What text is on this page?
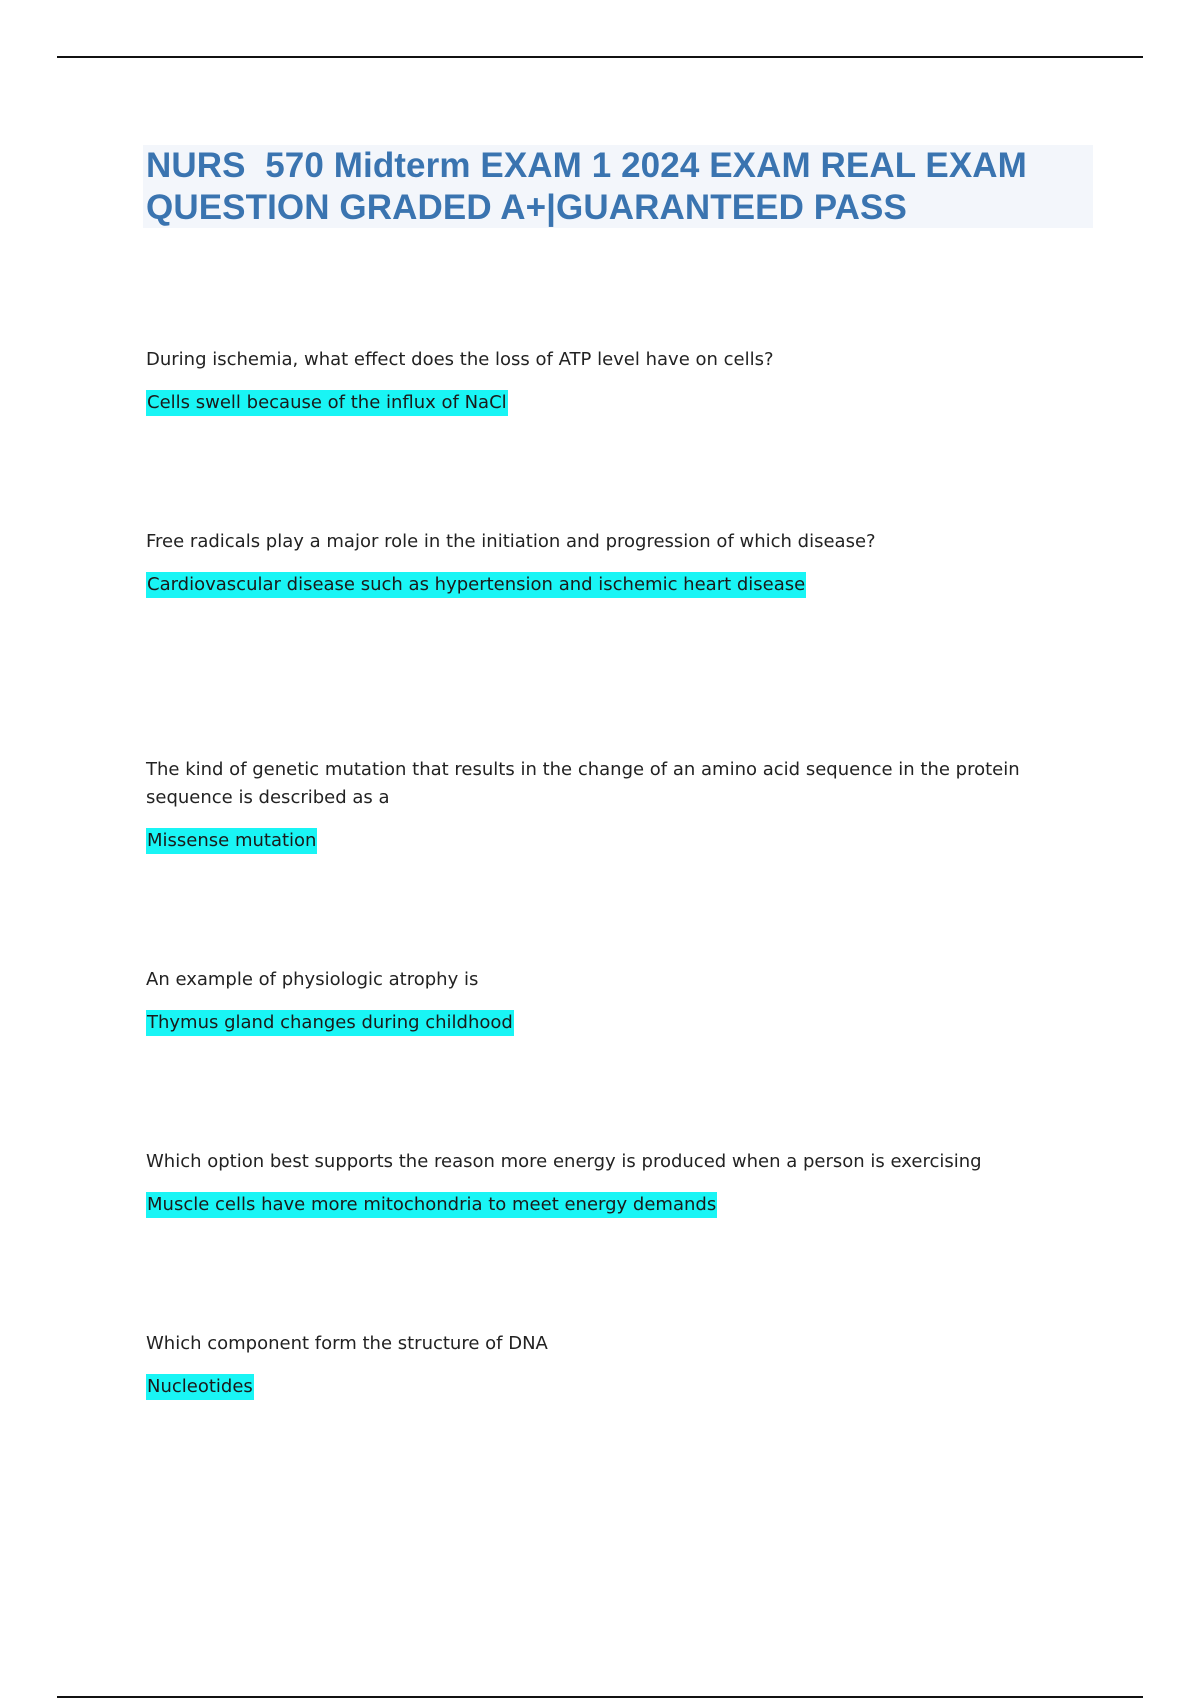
NURS  570 Midterm EXAM 1 2024 EXAM REAL EXAM QUESTION GRADED A+|GUARANTEED PASS

During ischemia, what effect does the loss of ATP level have on cells?

Cells swell because of the influx of NaCl

Free radicals play a major role in the initiation and progression of which disease?

Cardiovascular disease such as hypertension and ischemic heart disease

The kind of genetic mutation that results in the change of an amino acid sequence in the protein sequence is described as a

Missense mutation

An example of physiologic atrophy is

Thymus gland changes during childhood

Which option best supports the reason more energy is produced when a person is exercising

Muscle cells have more mitochondria to meet energy demands

Which component form the structure of DNA

Nucleotides
